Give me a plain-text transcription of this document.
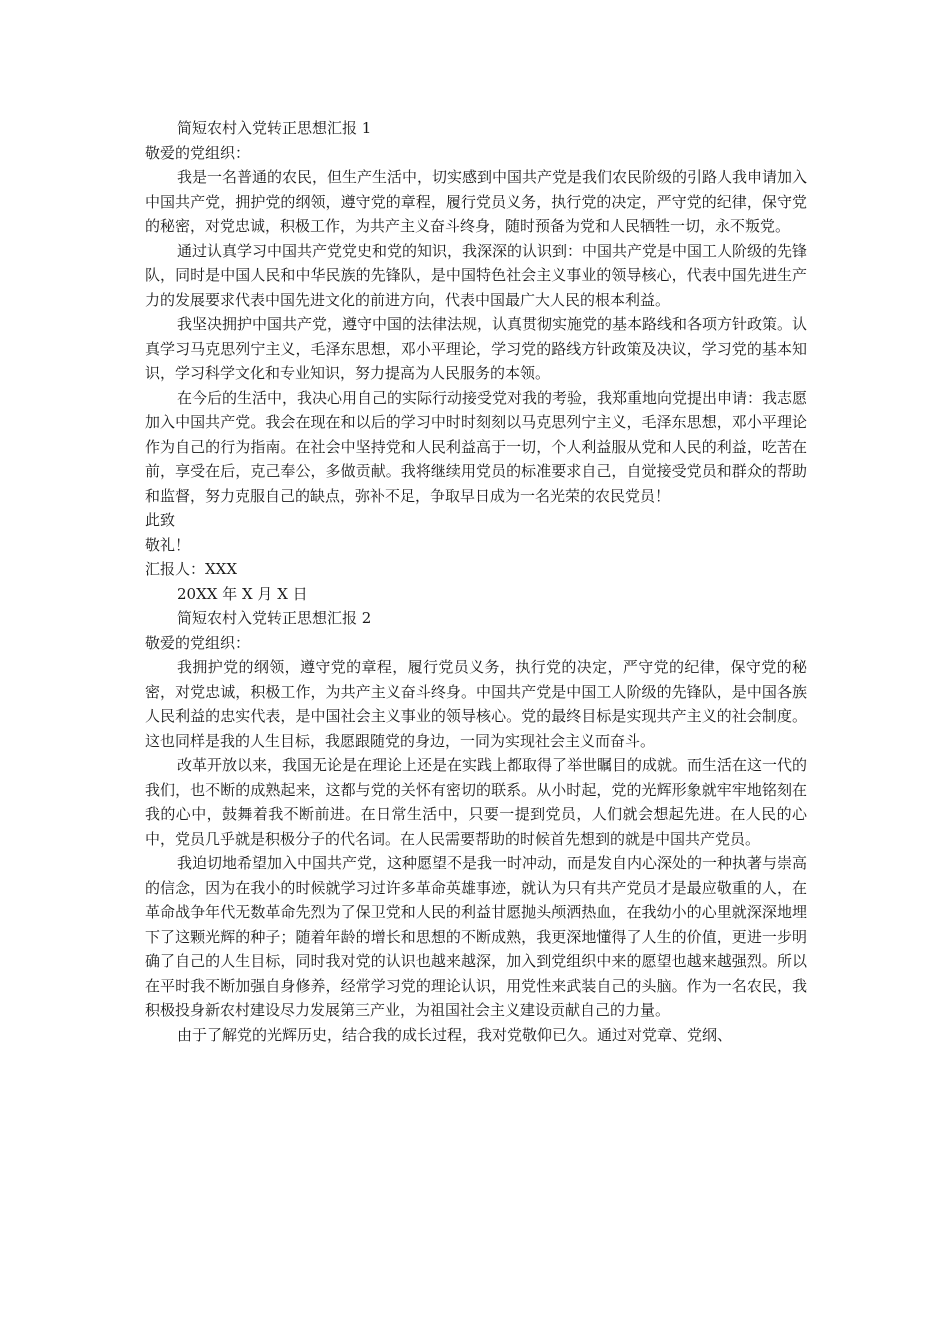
简短农村入党转正思想汇报 1

敬爱的党组织：

我是一名普通的农民，但生产生活中，切实感到中国共产党是我们农民阶级的引路人我申请加入中国共产党，拥护党的纲领，遵守党的章程，履行党员义务，执行党的决定，严守党的纪律，保守党的秘密，对党忠诚，积极工作，为共产主义奋斗终身，随时预备为党和人民牺牲一切，永不叛党。

通过认真学习中国共产党党史和党的知识，我深深的认识到：中国共产党是中国工人阶级的先锋队，同时是中国人民和中华民族的先锋队，是中国特色社会主义事业的领导核心，代表中国先进生产力的发展要求代表中国先进文化的前进方向，代表中国最广大人民的根本利益。

我坚决拥护中国共产党，遵守中国的法律法规，认真贯彻实施党的基本路线和各项方针政策。认真学习马克思列宁主义，毛泽东思想，邓小平理论，学习党的路线方针政策及决议，学习党的基本知识，学习科学文化和专业知识，努力提高为人民服务的本领。

在今后的生活中，我决心用自己的实际行动接受党对我的考验，我郑重地向党提出申请：我志愿加入中国共产党。我会在现在和以后的学习中时时刻刻以马克思列宁主义，毛泽东思想，邓小平理论作为自己的行为指南。在社会中坚持党和人民利益高于一切，个人利益服从党和人民的利益，吃苦在前，享受在后，克己奉公，多做贡献。我将继续用党员的标准要求自己，自觉接受党员和群众的帮助和监督，努力克服自己的缺点，弥补不足，争取早日成为一名光荣的农民党员！

此致

敬礼！

汇报人：XXX

20XX 年 X 月 X 日

简短农村入党转正思想汇报 2

敬爱的党组织：

我拥护党的纲领，遵守党的章程，履行党员义务，执行党的决定，严守党的纪律，保守党的秘密，对党忠诚，积极工作，为共产主义奋斗终身。中国共产党是中国工人阶级的先锋队，是中国各族人民利益的忠实代表，是中国社会主义事业的领导核心。党的最终目标是实现共产主义的社会制度。这也同样是我的人生目标，我愿跟随党的身边，一同为实现社会主义而奋斗。

改革开放以来，我国无论是在理论上还是在实践上都取得了举世瞩目的成就。而生活在这一代的我们，也不断的成熟起来，这都与党的关怀有密切的联系。从小时起，党的光辉形象就牢牢地铭刻在我的心中，鼓舞着我不断前进。在日常生活中，只要一提到党员，人们就会想起先进。在人民的心中，党员几乎就是积极分子的代名词。在人民需要帮助的时候首先想到的就是中国共产党员。

我迫切地希望加入中国共产党，这种愿望不是我一时冲动，而是发自内心深处的一种执著与崇高的信念，因为在我小的时候就学习过许多革命英雄事迹，就认为只有共产党员才是最应敬重的人，在革命战争年代无数革命先烈为了保卫党和人民的利益甘愿抛头颅洒热血，在我幼小的心里就深深地埋下了这颗光辉的种子；随着年龄的增长和思想的不断成熟，我更深地懂得了人生的价值，更进一步明确了自己的人生目标，同时我对党的认识也越来越深，加入到党组织中来的愿望也越来越强烈。所以在平时我不断加强自身修养，经常学习党的理论认识，用党性来武装自己的头脑。作为一名农民，我积极投身新农村建设尽力发展第三产业，为祖国社会主义建设贡献自己的力量。

由于了解党的光辉历史，结合我的成长过程，我对党敬仰已久。通过对党章、党纲、
